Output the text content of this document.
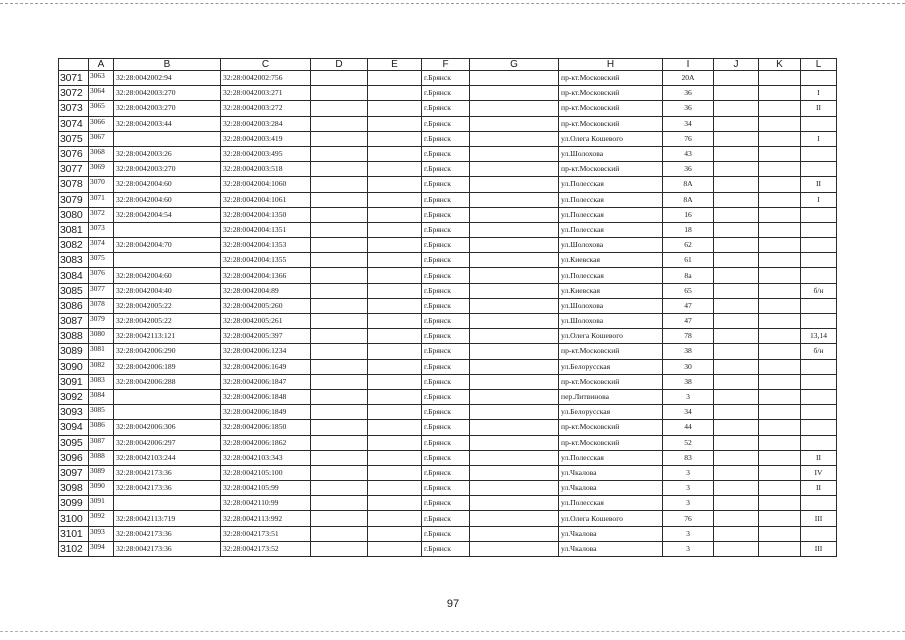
	A	B	C	D	E	F	G	H	I	J	K	L
3071	3063	32:28:0042002:94	32:28:0042002:756			г.Брянск		пр-кт.Московский	20А			
3072	3064	32:28:0042003:270	32:28:0042003:271			г.Брянск		пр-кт.Московский	36			I
3073	3065	32:28:0042003:270	32:28:0042003:272			г.Брянск		пр-кт.Московский	36			II
3074	3066	32:28:0042003:44	32:28:0042003:284			г.Брянск		пр-кт.Московский	34			
3075	3067		32:28:0042003:419			г.Брянск		ул.Олега Кошевого	76			I
3076	3068	32:28:0042003:26	32:28:0042003:495			г.Брянск		ул.Шолохова	43			
3077	3069	32:28:0042003:270	32:28:0042003:518			г.Брянск		пр-кт.Московский	36			
3078	3070	32:28:0042004:60	32:28:0042004:1060			г.Брянск		ул.Полесская	8А			II
3079	3071	32:28:0042004:60	32:28:0042004:1061			г.Брянск		ул.Полесская	8А			I
3080	3072	32:28:0042004:54	32:28:0042004:1350			г.Брянск		ул.Полесская	16			
3081	3073		32:28:0042004:1351			г.Брянск		ул.Полесская	18			
3082	3074	32:28:0042004:70	32:28:0042004:1353			г.Брянск		ул.Шолохова	62			
3083	3075		32:28:0042004:1355			г.Брянск		ул.Киевская	61			
3084	3076	32:28:0042004:60	32:28:0042004:1366			г.Брянск		ул.Полесская	8а			
3085	3077	32:28:0042004:40	32:28:0042004:89			г.Брянск		ул.Киевская	65			б/н
3086	3078	32:28:0042005:22	32:28:0042005:260			г.Брянск		ул.Шолохова	47			
3087	3079	32:28:0042005:22	32:28:0042005:261			г.Брянск		ул.Шолохова	47			
3088	3080	32:28:0042113:121	32:28:0042005:397			г.Брянск		ул.Олега Кошевого	78			13,14
3089	3081	32:28:0042006:290	32:28:0042006:1234			г.Брянск		пр-кт.Московский	38			б/н
3090	3082	32:28:0042006:189	32:28:0042006:1649			г.Брянск		ул.Белорусская	30			
3091	3083	32:28:0042006:288	32:28:0042006:1847			г.Брянск		пр-кт.Московский	38			
3092	3084		32:28:0042006:1848			г.Брянск		пер.Литвинова	3			
3093	3085		32:28:0042006:1849			г.Брянск		ул.Белорусская	34			
3094	3086	32:28:0042006:306	32:28:0042006:1850			г.Брянск		пр-кт.Московский	44			
3095	3087	32:28:0042006:297	32:28:0042006:1862			г.Брянск		пр-кт.Московский	52			
3096	3088	32:28:0042103:244	32:28:0042103:343			г.Брянск		ул.Полесская	83			II
3097	3089	32:28:0042173:36	32:28:0042105:100			г.Брянск		ул.Чкалова	3			IV
3098	3090	32:28:0042173:36	32:28:0042105:99			г.Брянск		ул.Чкалова	3			II
3099	3091		32:28:0042110:99			г.Брянск		ул.Полесская	3			
3100	3092	32:28:0042113:719	32:28:0042113:992			г.Брянск		ул.Олега Кошевого	76			III
3101	3093	32:28:0042173:36	32:28:0042173:51			г.Брянск		ул.Чкалова	3			
3102	3094	32:28:0042173:36	32:28:0042173:52			г.Брянск		ул.Чкалова	3			III
97
